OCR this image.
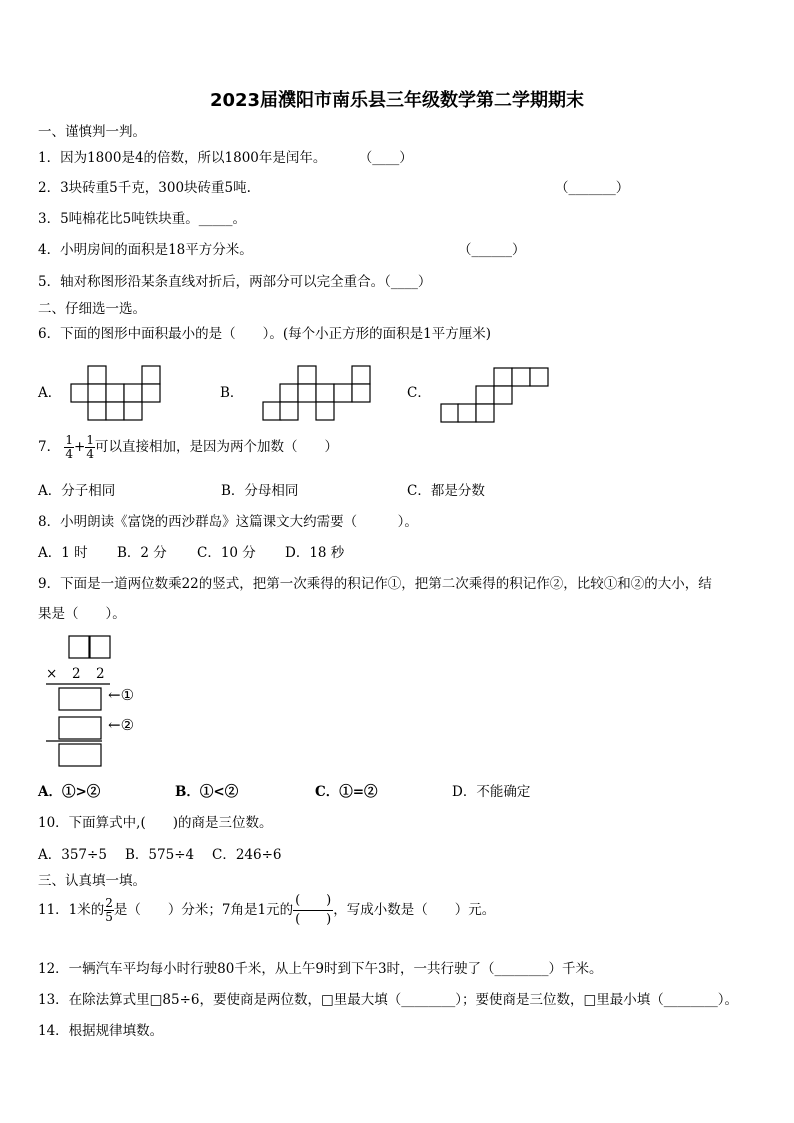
2023届濮阳市南乐县三年级数学第二学期期末
一、谨慎判一判。
1．因为1800是4的倍数，所以1800年是闰年。 （____）
2．3块砖重5千克，300块砖重5吨.	（_______）
3．5吨棉花比5吨铁块重。_____。
4．小明房间的面积是18平方分米。	（______）
5．轴对称图形沿某条直线对折后，两部分可以完全重合。（____）
二、仔细选一选。
6．下面的图形中面积最小的是（　　）。(每个小正方形的面积是1平方厘米)
A．	B．	C．
7． $\frac{1}{4} + \frac{1}{4}$ 可以直接相加，是因为两个加数（　　）
A．分子相同	B．分母相同	C．都是分数
8．小明朗读《富饶的西沙群岛》这篇课文大约需要（　　　）。
A．1 时 B．2 分 C．10 分 D．18 秒
9．下面是一道两位数乘22的竖式，把第一次乘得的积记作①，把第二次乘得的积记作②，比较①和②的大小，结
果是（　　）。
× 2 2
←①
←②
A．①>②	B．①<②	C．①=②	D．不能确定
10．下面算式中,(　　)的商是三位数。
A．357÷5 B．575÷4 C．246÷6
三、认真填一填。
11．1米的 $\frac{2}{5}$ 是（　　）分米；7角是1元的 $\frac{( )}{( )}$ ，写成小数是（　　）元。
12．一辆汽车平均每小时行驶80千米，从上午9时到下午3时，一共行驶了（________）千米。
13．在除法算式里□85÷6，要使商是两位数，□里最大填（________）；要使商是三位数，□里最小填（________）。
14．根据规律填数。
